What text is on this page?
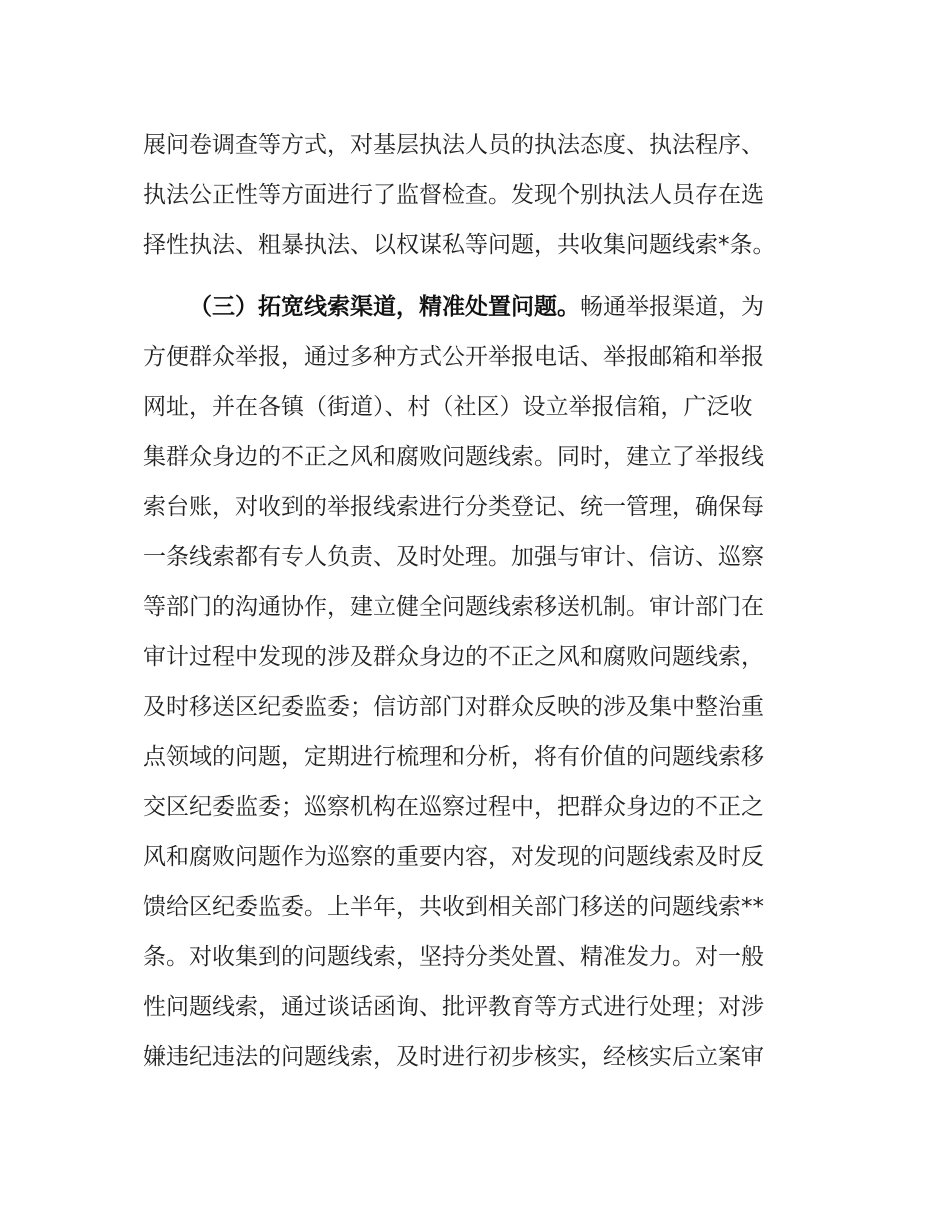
展问卷调查等方式，对基层执法人员的执法态度、执法程序、
执法公正性等方面进行了监督检查。发现个别执法人员存在选
择性执法、粗暴执法、以权谋私等问题，共收集问题线索*条。
（三）拓宽线索渠道，精准处置问题。畅通举报渠道，为
方便群众举报，通过多种方式公开举报电话、举报邮箱和举报
网址，并在各镇（街道）、村（社区）设立举报信箱，广泛收
集群众身边的不正之风和腐败问题线索。同时，建立了举报线
索台账，对收到的举报线索进行分类登记、统一管理，确保每
一条线索都有专人负责、及时处理。加强与审计、信访、巡察
等部门的沟通协作，建立健全问题线索移送机制。审计部门在
审计过程中发现的涉及群众身边的不正之风和腐败问题线索，
及时移送区纪委监委；信访部门对群众反映的涉及集中整治重
点领域的问题，定期进行梳理和分析，将有价值的问题线索移
交区纪委监委；巡察机构在巡察过程中，把群众身边的不正之
风和腐败问题作为巡察的重要内容，对发现的问题线索及时反
馈给区纪委监委。上半年，共收到相关部门移送的问题线索**
条。对收集到的问题线索，坚持分类处置、精准发力。对一般
性问题线索，通过谈话函询、批评教育等方式进行处理；对涉
嫌违纪违法的问题线索，及时进行初步核实，经核实后立案审
